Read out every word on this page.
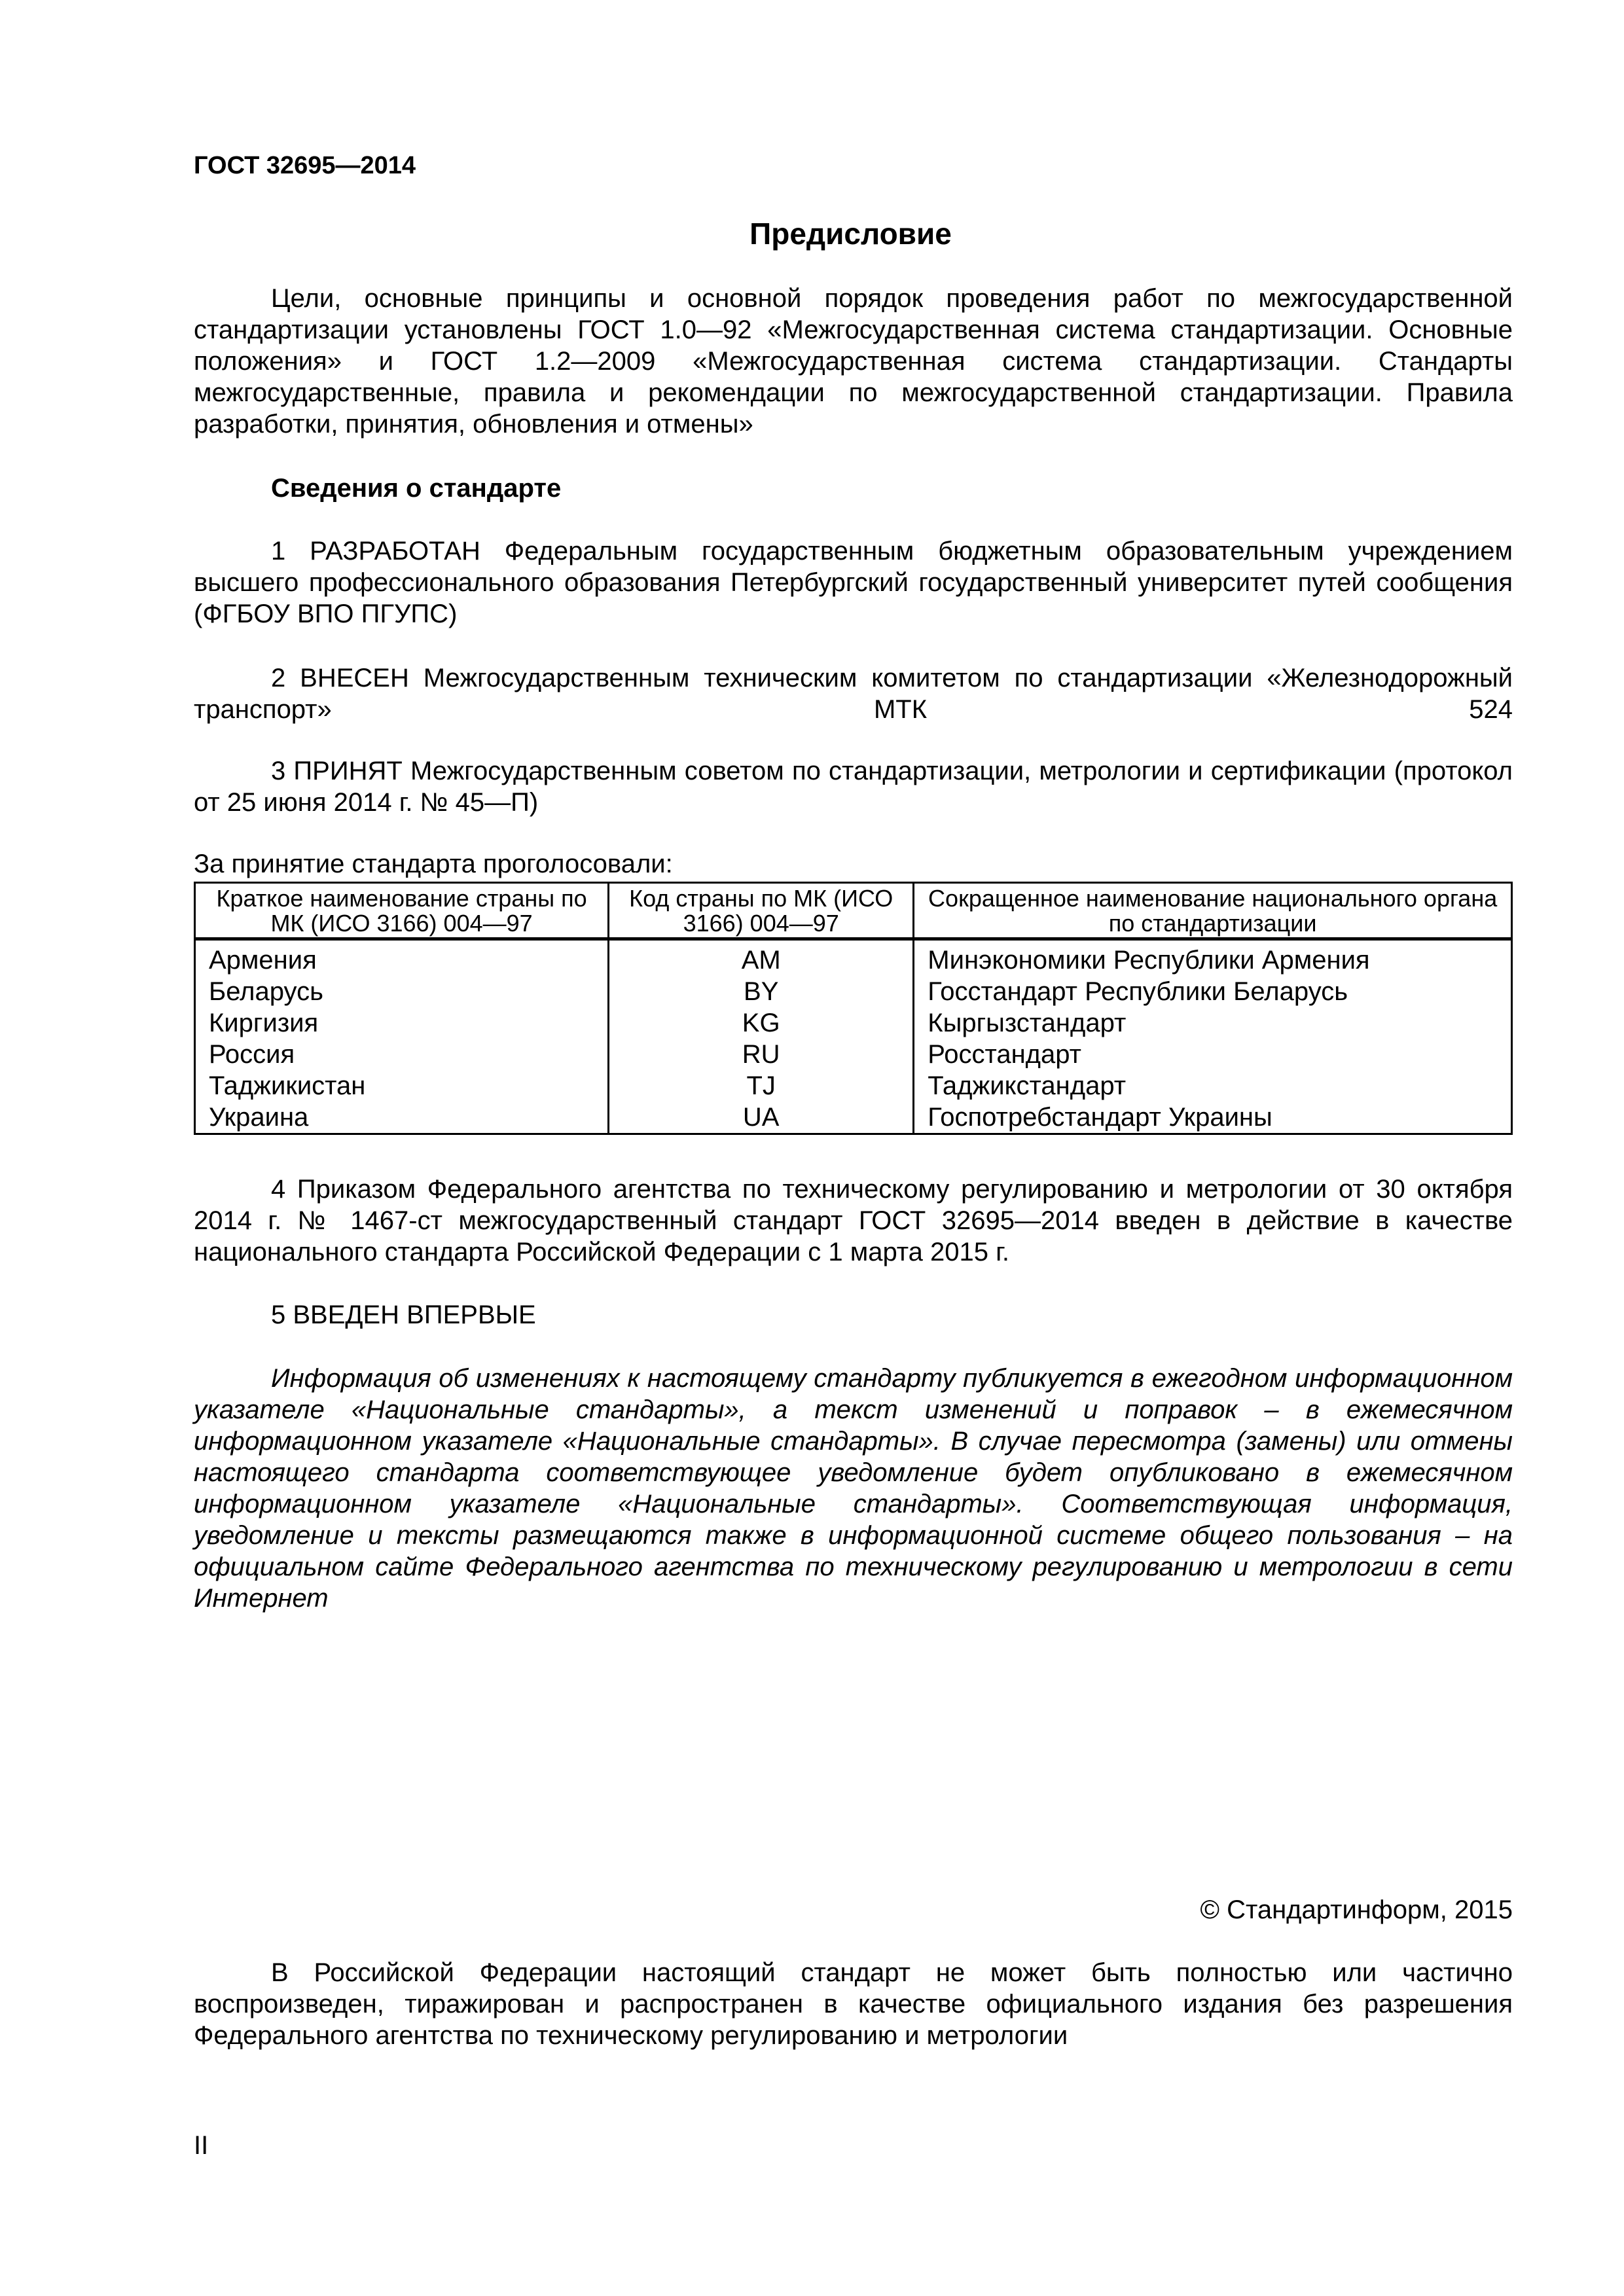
ГОСТ 32695—2014
Предисловие
Цели, основные принципы и основной порядок проведения работ по межгосударственной стандартизации установлены ГОСТ 1.0—92 «Межгосударственная система стандартизации. Основные положения» и ГОСТ 1.2—2009 «Межгосударственная система стандартизации. Стандарты межгосударственные, правила и рекомендации по межгосударственной стандартизации. Правила разработки, принятия, обновления и отмены»
Сведения о стандарте
1 РАЗРАБОТАН Федеральным государственным бюджетным образовательным учреждением высшего профессионального образования Петербургский государственный университет путей сообщения (ФГБОУ ВПО ПГУПС)
2 ВНЕСЕН Межгосударственным техническим комитетом по стандартизации «Железнодорожный транспорт» МТК 524
3 ПРИНЯТ Межгосударственным советом по стандартизации, метрологии и сертификации (протокол от 25 июня 2014 г. № 45—П)
За принятие стандарта проголосовали:
Краткое наименование страны по МК (ИСО 3166) 004—97	Код страны по МК (ИСО 3166) 004—97	Сокращенное наименование национального органа по стандартизации
Армения	AM	Минэкономики Республики Армения
Беларусь	BY	Госстандарт Республики Беларусь
Киргизия	KG	Кыргызстандарт
Россия	RU	Росстандарт
Таджикистан	TJ	Таджикстандарт
Украина	UA	Госпотребстандарт Украины
4 Приказом Федерального агентства по техническому регулированию и метрологии от 30 октября 2014 г. № 1467-ст межгосударственный стандарт ГОСТ 32695—2014 введен в действие в качестве национального стандарта Российской Федерации с 1 марта 2015 г.
5 ВВЕДЕН ВПЕРВЫЕ
Информация об изменениях к настоящему стандарту публикуется в ежегодном информационном указателе «Национальные стандарты», а текст изменений и поправок – в ежемесячном информационном указателе «Национальные стандарты». В случае пересмотра (замены) или отмены настоящего стандарта соответствующее уведомление будет опубликовано в ежемесячном информационном указателе «Национальные стандарты». Соответствующая информация, уведомление и тексты размещаются также в информационной системе общего пользования – на официальном сайте Федерального агентства по техническому регулированию и метрологии в сети Интернет
© Стандартинформ, 2015
В Российской Федерации настоящий стандарт не может быть полностью или частично воспроизведен, тиражирован и распространен в качестве официального издания без разрешения Федерального агентства по техническому регулированию и метрологии
II
